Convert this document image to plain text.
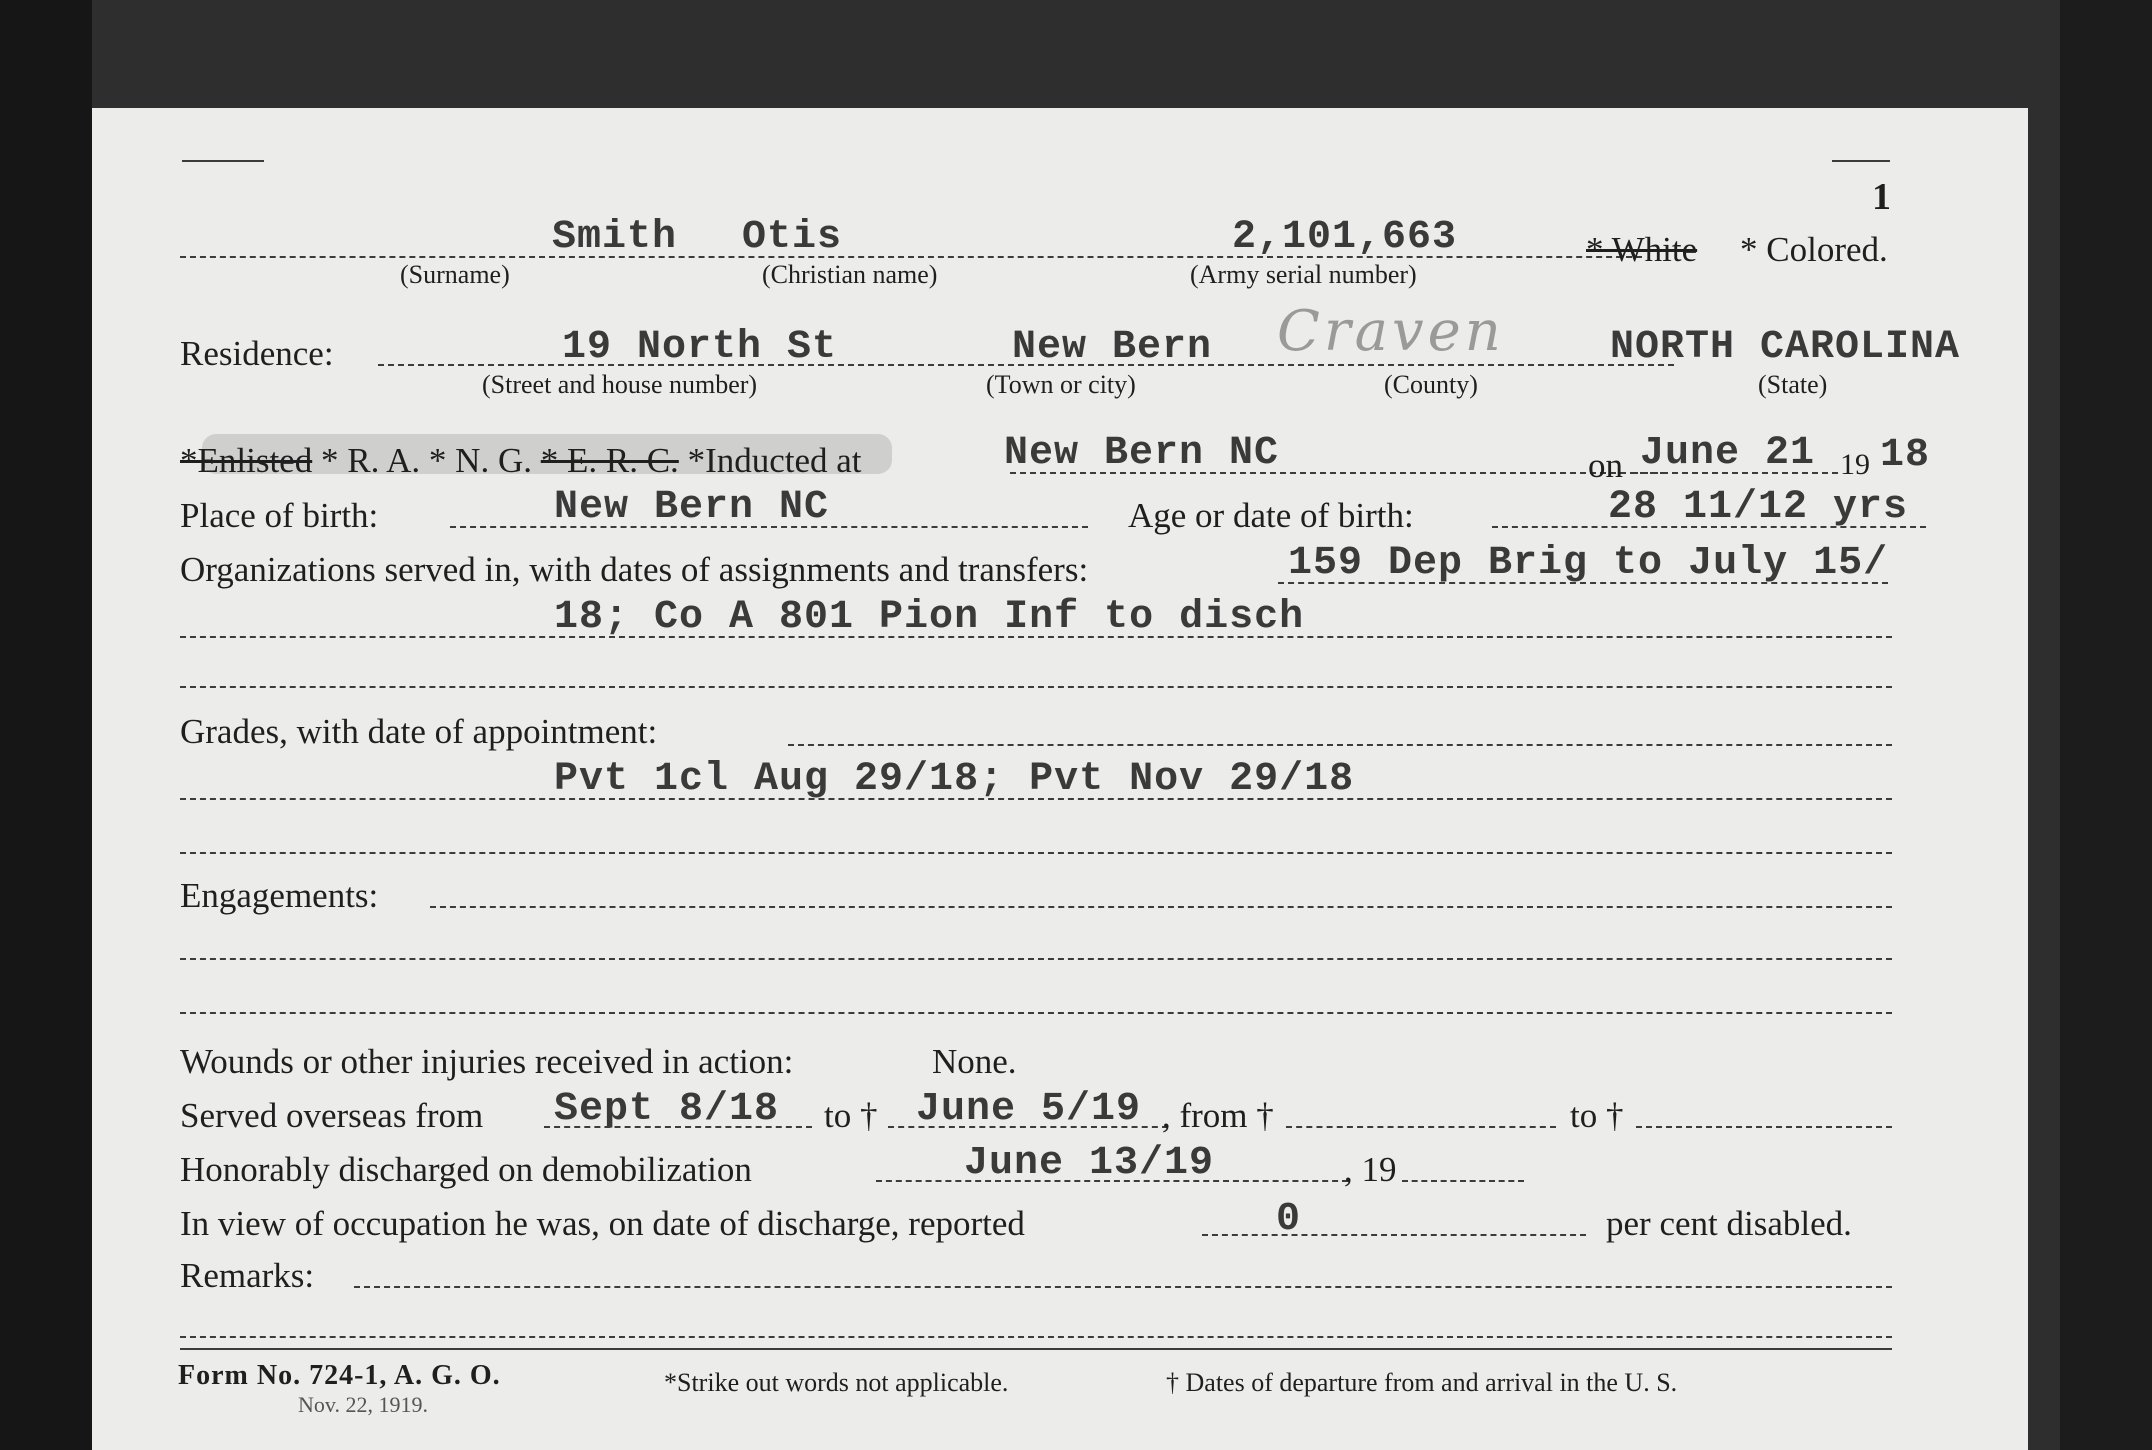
1
Smith Otis	2,101,663	* White * Colored.
(Surname)	(Christian name)	(Army serial number)
Residence:	19 North St	New Bern Craven	NORTH CAROLINA
(Street and house number)	(Town or city)	(County)	(State)
*Enlisted * R. A. * N. G. * E. R. C. *Inducted at	New Bern NC	on June 21 19 18
Place of birth:	New Bern NC	Age or date of birth:	28 11/12 yrs
Organizations served in, with dates of assignments and transfers:	159 Dep Brig to July 15/
18; Co A 801 Pion Inf to disch
Grades, with date of appointment:
Pvt 1cl Aug 29/18; Pvt Nov 29/18
Engagements:
Wounds or other injuries received in action:	None.
Served overseas from Sept 8/18 to † June 5/19 , from †	to †
Honorably discharged on demobilization	June 13/19	, 19
In view of occupation he was, on date of discharge, reported	0	per cent disabled.
Remarks:
Form No. 724-1, A. G. O.
Nov. 22, 1919.
*Strike out words not applicable.	† Dates of departure from and arrival in the U. S.
